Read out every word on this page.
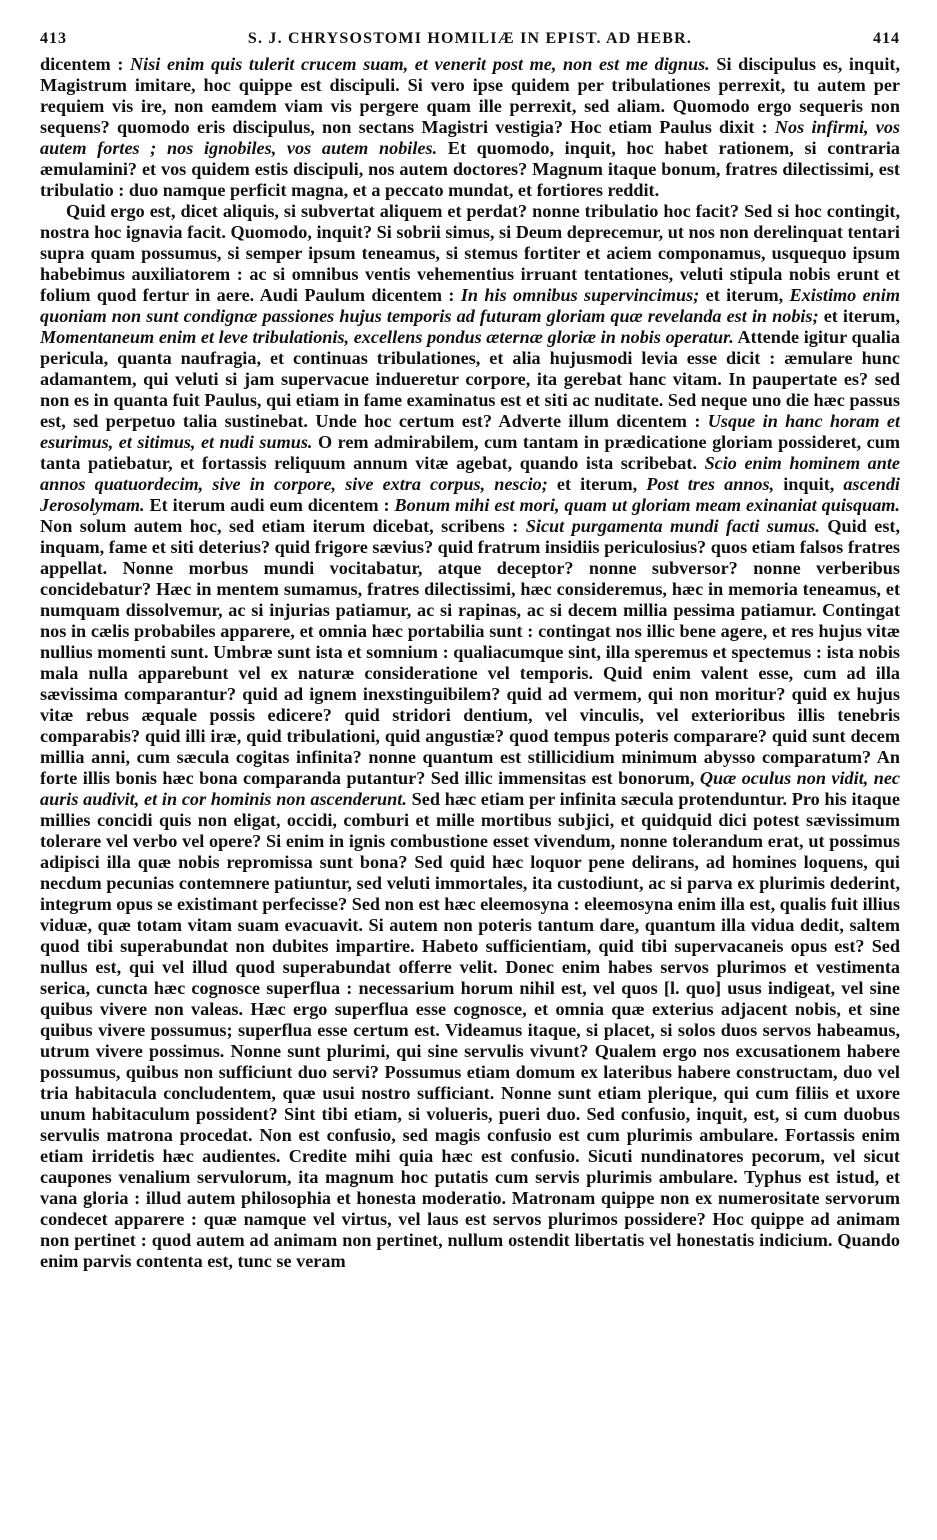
413	S. J. CHRYSOSTOMI HOMILIÆ IN EPIST. AD HEBR.	414

dicentem : Nisi enim quis tulerit crucem suam, et venerit post me, non est me dignus. Si discipulus es, inquit, Magistrum imitare, hoc quippe est discipuli. Si vero ipse quidem per tribulationes perrexit, tu autem per requiem vis ire, non eamdem viam vis pergere quam ille perrexit, sed aliam. Quomodo ergo sequeris non sequens? quomodo eris discipulus, non sectans Magistri vestigia? Hoc etiam Paulus dixit : Nos infirmi, vos autem fortes ; nos ignobiles, vos autem nobiles. Et quomodo, inquit, hoc habet rationem, si contraria æmulamini? et vos quidem estis discipuli, nos autem doctores? Magnum itaque bonum, fratres dilectissimi, est tribulatio : duo namque perficit magna, et a peccato mundat, et fortiores reddit.

Quid ergo est, dicet aliquis, si subvertat aliquem et perdat? nonne tribulatio hoc facit? Sed si hoc contingit, nostra hoc ignavia facit. Quomodo, inquit? Si sobrii simus, si Deum deprecemur, ut nos non derelinquat tentari supra quam possumus, si semper ipsum teneamus, si stemus fortiter et aciem componamus, usquequo ipsum habebimus auxiliatorem : ac si omnibus ventis vehementius irruant tentationes, veluti stipula nobis erunt et folium quod fertur in aere. Audi Paulum dicentem : In his omnibus supervincimus; et iterum, Existimo enim quoniam non sunt condignæ passiones hujus temporis ad futuram gloriam quæ revelanda est in nobis; et iterum, Momentaneum enim et leve tribulationis, excellens pondus æternæ gloriæ in nobis operatur. Attende igitur qualia pericula, quanta naufragia, et continuas tribulationes, et alia hujusmodi levia esse dicit : æmulare hunc adamantem, qui veluti si jam supervacue indueretur corpore, ita gerebat hanc vitam. In paupertate es? sed non es in quanta fuit Paulus, qui etiam in fame examinatus est et siti ac nuditate. Sed neque uno die hæc passus est, sed perpetuo talia sustinebat. Unde hoc certum est? Adverte illum dicentem : Usque in hanc horam et esurimus, et sitimus, et nudi sumus. O rem admirabilem, cum tantam in prædicatione gloriam possideret, cum tanta patiebatur, et fortassis reliquum annum vitæ agebat, quando ista scribebat. Scio enim hominem ante annos quatuordecim, sive in corpore, sive extra corpus, nescio; et iterum, Post tres annos, inquit, ascendi Jerosolymam. Et iterum audi eum dicentem : Bonum mihi est mori, quam ut gloriam meam exinaniat quisquam. Non solum autem hoc, sed etiam iterum dicebat, scribens : Sicut purgamenta mundi facti sumus. Quid est, inquam, fame et siti deterius? quid frigore sævius? quid fratrum insidiis periculosius? quos etiam falsos fratres appellat. Nonne morbus mundi vocitabatur, atque deceptor? nonne subversor? nonne verberibus concidebatur? Hæc in mentem sumamus, fratres dilectissimi, hæc consideremus, hæc in memoria teneamus, et numquam dissolvemur, ac si injurias patiamur, ac si rapinas, ac si decem millia pessima patiamur. Contingat nos in cælis probabiles apparere, et omnia hæc portabilia sunt : contingat nos illic bene agere, et res hujus vitæ nullius momenti sunt. Umbræ sunt ista et somnium : qualiacumque sint, illa speremus et spectemus : ista nobis mala nulla apparebunt vel ex naturæ consideratione vel temporis. Quid enim valent esse, cum ad illa sævissima comparantur? quid ad ignem inexstinguibilem? quid ad vermem, qui non moritur? quid ex hujus vitæ rebus æquale possis edicere? quid stridori dentium, vel vinculis, vel exterioribus illis tenebris comparabis? quid illi iræ, quid tribulationi, quid angustiæ? quod tempus poteris comparare? quid sunt decem millia anni, cum sæcula cogitas infinita? nonne quantum est stillicidium minimum abysso comparatum? An forte illis bonis hæc bona comparanda putantur? Sed illic immensitas est bonorum, Quæ oculus non vidit, nec auris audivit, et in cor hominis non ascenderunt. Sed hæc etiam per infinita sæcula protenduntur. Pro his itaque millies concidi quis non eligat, occidi, comburi et mille mortibus subjici, et quidquid dici potest sævissimum tolerare vel verbo vel opere? Si enim in ignis combustione esset vivendum, nonne tolerandum erat, ut possimus adipisci illa quæ nobis repromissa sunt bona? Sed quid hæc loquor pene delirans, ad homines loquens, qui necdum pecunias contemnere patiuntur, sed veluti immortales, ita custodiunt, ac si parva ex plurimis dederint, integrum opus se existimant perfecisse? Sed non est hæc eleemosyna : eleemosyna enim illa est, qualis fuit illius viduæ, quæ totam vitam suam evacuavit. Si autem non poteris tantum dare, quantum illa vidua dedit, saltem quod tibi superabundat non dubites impartire. Habeto sufficientiam, quid tibi supervacaneis opus est? Sed nullus est, qui vel illud quod superabundat offerre velit. Donec enim habes servos plurimos et vestimenta serica, cuncta hæc cognosce superflua : necessarium horum nihil est, vel quos [l. quo] usus indigeat, vel sine quibus vivere non valeas. Hæc ergo superflua esse cognosce, et omnia quæ exterius adjacent nobis, et sine quibus vivere possumus; superflua esse certum est. Videamus itaque, si placet, si solos duos servos habeamus, utrum vivere possimus. Nonne sunt plurimi, qui sine servulis vivunt? Qualem ergo nos excusationem habere possumus, quibus non sufficiunt duo servi? Possumus etiam domum ex lateribus habere constructam, duo vel tria habitacula concludentem, quæ usui nostro sufficiant. Nonne sunt etiam plerique, qui cum filiis et uxore unum habitaculum possident? Sint tibi etiam, si volueris, pueri duo. Sed confusio, inquit, est, si cum duobus servulis matrona procedat. Non est confusio, sed magis confusio est cum plurimis ambulare. Fortassis enim etiam irridetis hæc audientes. Credite mihi quia hæc est confusio. Sicuti nundinatores pecorum, vel sicut caupones venalium servulorum, ita magnum hoc putatis cum servis plurimis ambulare. Typhus est istud, et vana gloria : illud autem philosophia et honesta moderatio. Matronam quippe non ex numerositate servorum condecet apparere : quæ namque vel virtus, vel laus est servos plurimos possidere? Hoc quippe ad animam non pertinet : quod autem ad animam non pertinet, nullum ostendit libertatis vel honestatis indicium. Quando enim parvis contenta est, tunc se veram
